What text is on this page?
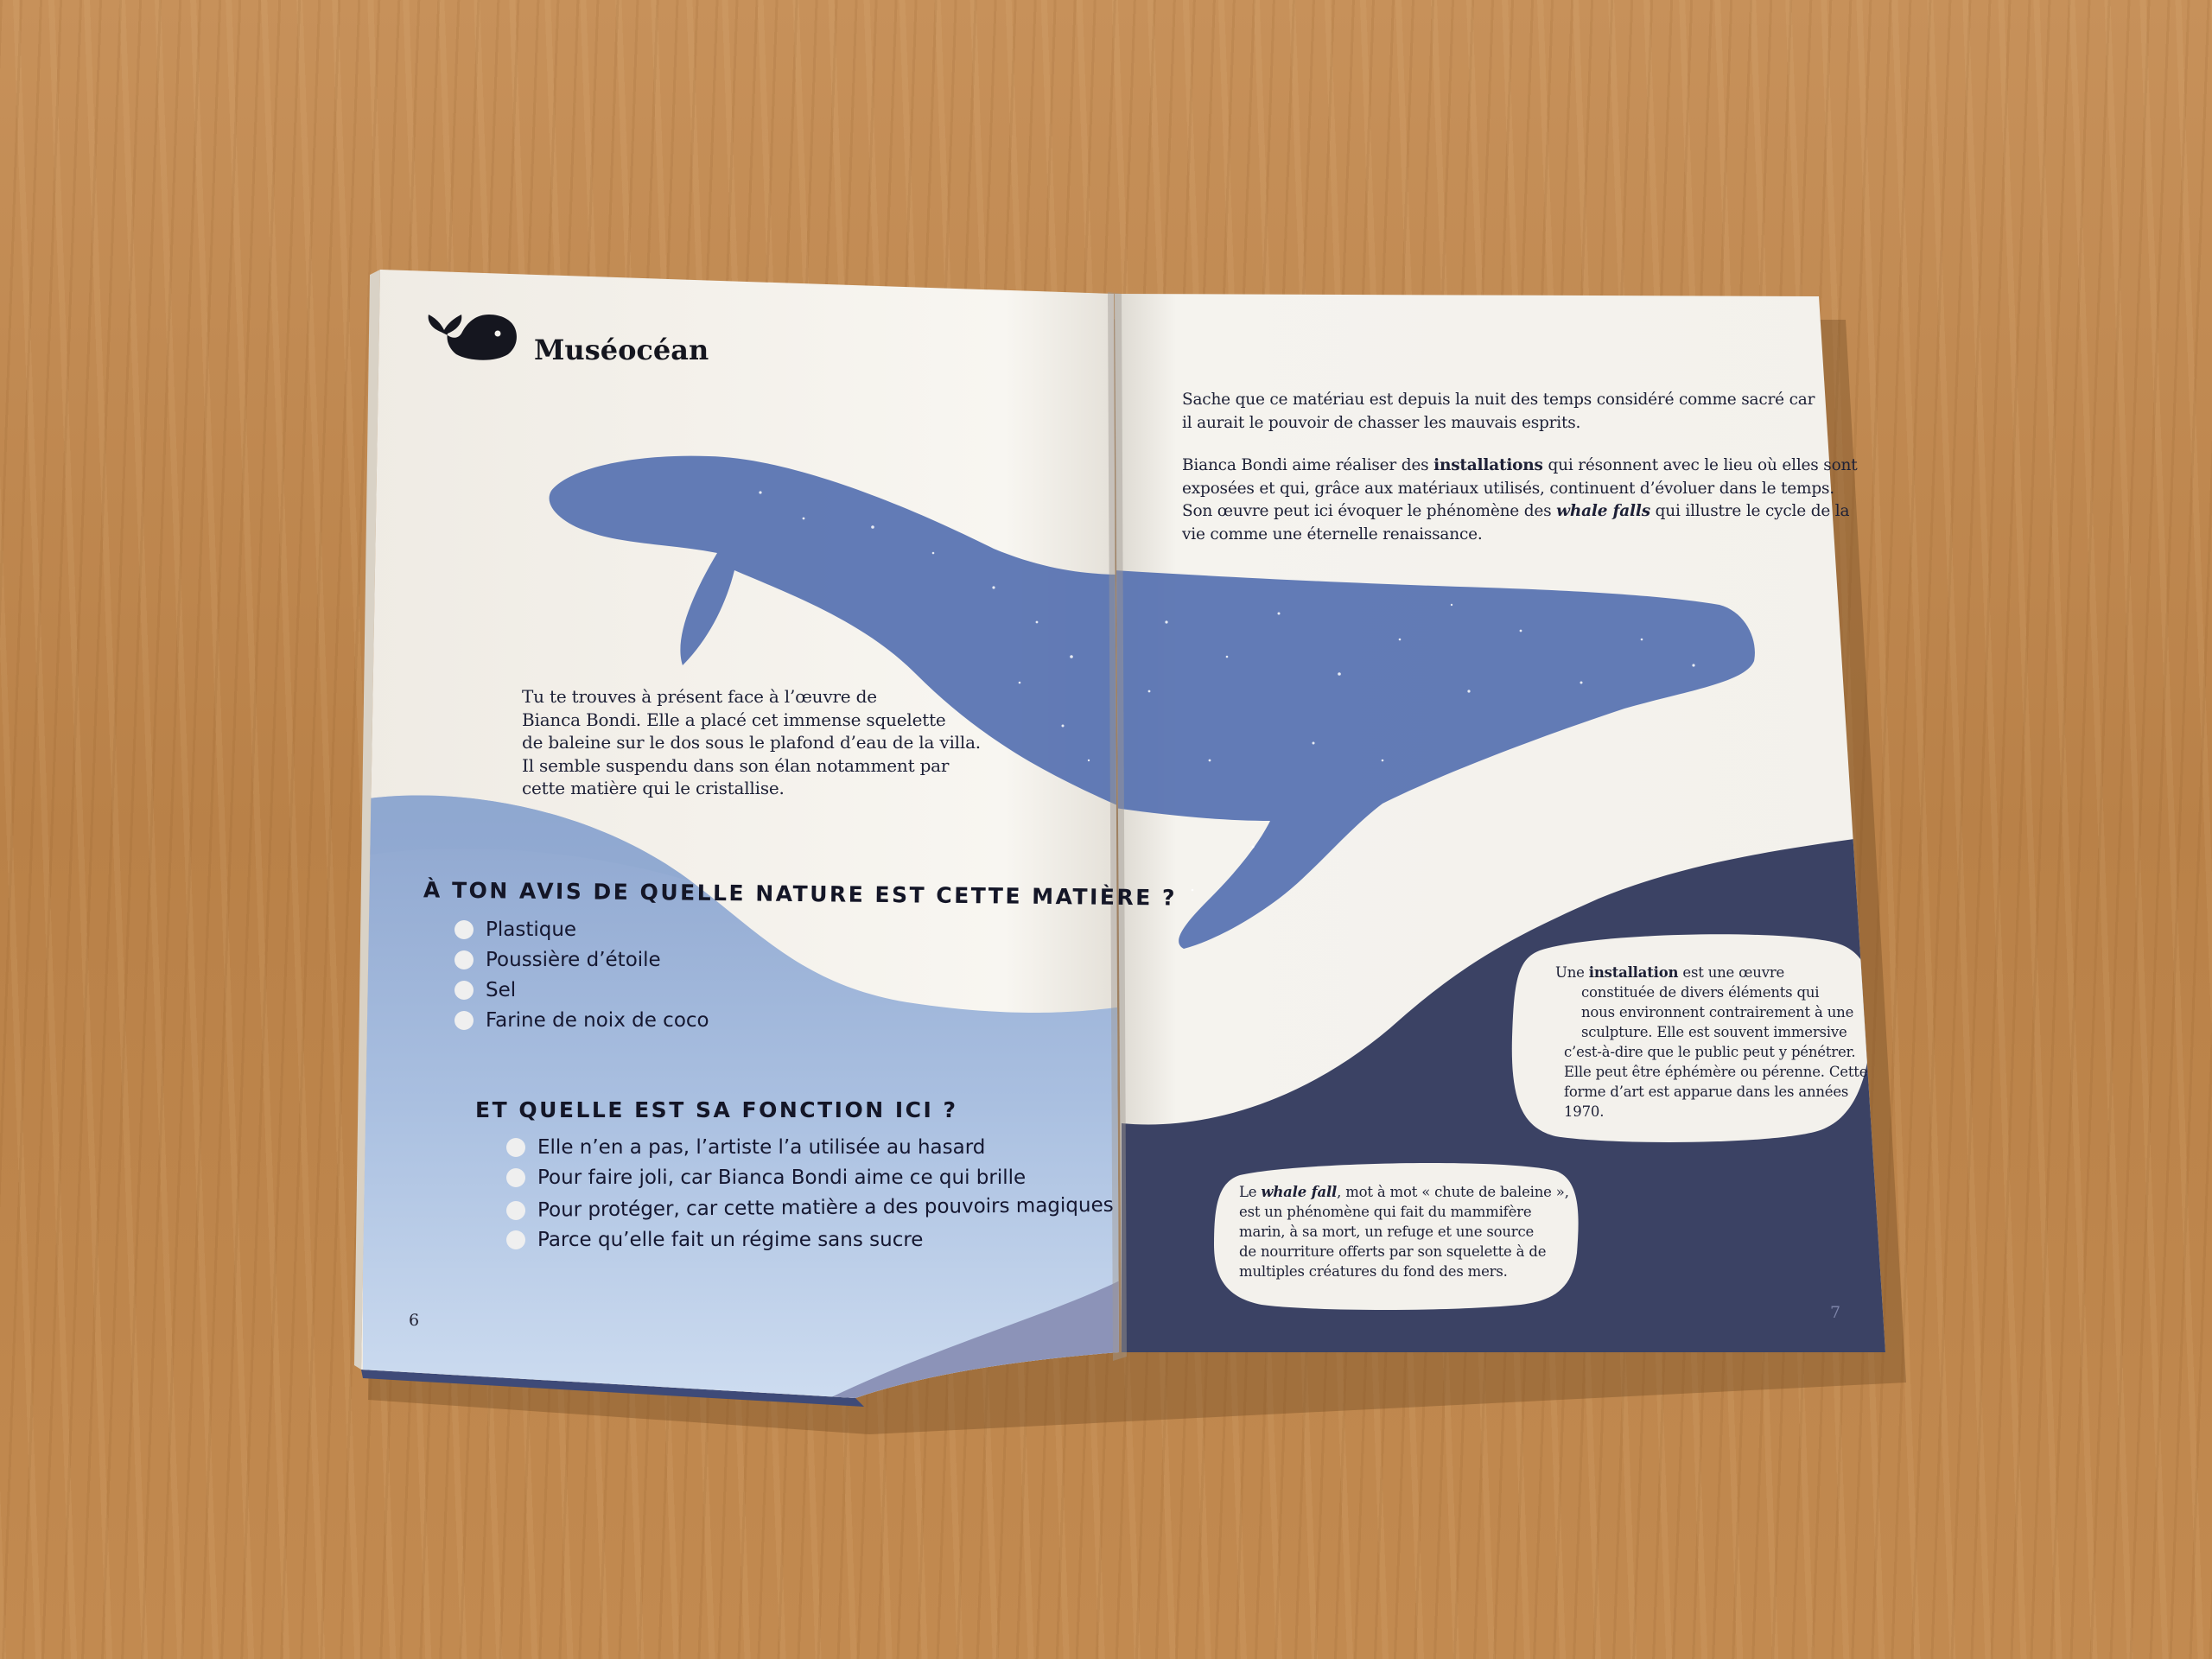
Muséocéan
Tu te trouves à présent face à l’œuvre de
Bianca Bondi. Elle a placé cet immense squelette
de baleine sur le dos sous le plafond d’eau de la villa.
Il semble suspendu dans son élan notamment par
cette matière qui le cristallise.
À TON AVIS DE QUELLE NATURE EST CETTE MATIÈRE ?
Plastique
Poussière d’étoile
Sel
Farine de noix de coco
ET QUELLE EST SA FONCTION ICI ?
Elle n’en a pas, l’artiste l’a utilisée au hasard
Pour faire joli, car Bianca Bondi aime ce qui brille
Pour protéger, car cette matière a des pouvoirs magiques
Parce qu’elle fait un régime sans sucre
6
Sache que ce matériau est depuis la nuit des temps considéré comme sacré car
il aurait le pouvoir de chasser les mauvais esprits.
Bianca Bondi aime réaliser des installations qui résonnent avec le lieu où elles sont
exposées et qui, grâce aux matériaux utilisés, continuent d’évoluer dans le temps.
Son œuvre peut ici évoquer le phénomène des whale falls qui illustre le cycle de la
vie comme une éternelle renaissance.
Une installation est une œuvre
constituée de divers éléments qui
nous environnent contrairement à une
sculpture. Elle est souvent immersive
c’est-à-dire que le public peut y pénétrer.
Elle peut être éphémère ou pérenne. Cette
forme d’art est apparue dans les années
1970.
Le whale fall, mot à mot « chute de baleine »,
est un phénomène qui fait du mammifère
marin, à sa mort, un refuge et une source
de nourriture offerts par son squelette à de
multiples créatures du fond des mers.
7
